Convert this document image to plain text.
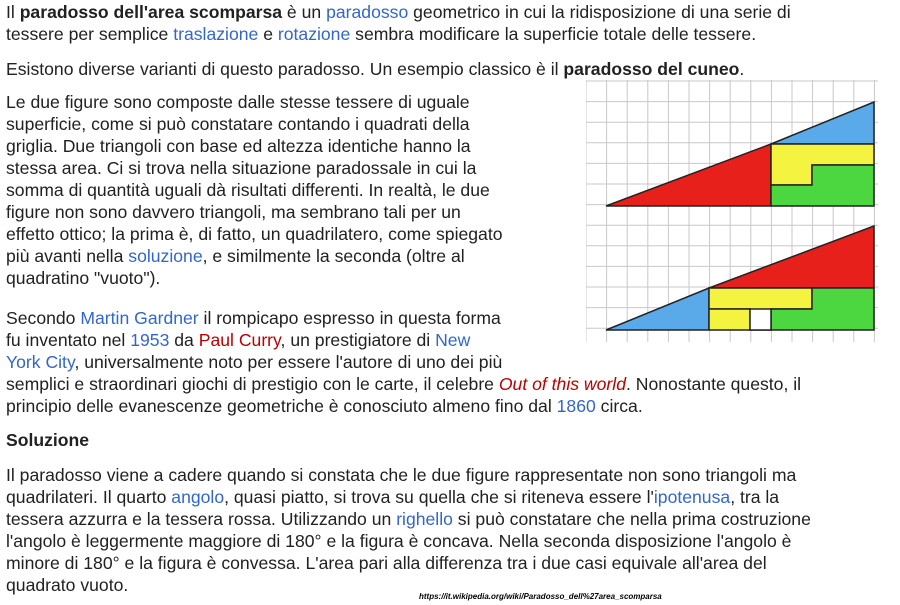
Il paradosso dell'area scomparsa è un paradosso geometrico in cui la ridisposizione di una serie di
tessere per semplice traslazione e rotazione sembra modificare la superficie totale delle tessere.

Esistono diverse varianti di questo paradosso. Un esempio classico è il paradosso del cuneo.

Le due figure sono composte dalle stesse tessere di uguale
superficie, come si può constatare contando i quadrati della
griglia. Due triangoli con base ed altezza identiche hanno la
stessa area. Ci si trova nella situazione paradossale in cui la
somma di quantità uguali dà risultati differenti. In realtà, le due
figure non sono davvero triangoli, ma sembrano tali per un
effetto ottico; la prima è, di fatto, un quadrilatero, come spiegato
più avanti nella soluzione, e similmente la seconda (oltre al
quadratino "vuoto").

Secondo Martin Gardner il rompicapo espresso in questa forma
fu inventato nel 1953 da Paul Curry, un prestigiatore di New
York City, universalmente noto per essere l'autore di uno dei più
semplici e straordinari giochi di prestigio con le carte, il celebre Out of this world. Nonostante questo, il
principio delle evanescenze geometriche è conosciuto almeno fino dal 1860 circa.

Soluzione

Il paradosso viene a cadere quando si constata che le due figure rappresentate non sono triangoli ma
quadrilateri. Il quarto angolo, quasi piatto, si trova su quella che si riteneva essere l'ipotenusa, tra la
tessera azzurra e la tessera rossa. Utilizzando un righello si può constatare che nella prima costruzione
l'angolo è leggermente maggiore di 180° e la figura è concava. Nella seconda disposizione l'angolo è
minore di 180° e la figura è convessa. L'area pari alla differenza tra i due casi equivale all'area del
quadrato vuoto.

https://it.wikipedia.org/wiki/Paradosso_dell%27area_scomparsa
